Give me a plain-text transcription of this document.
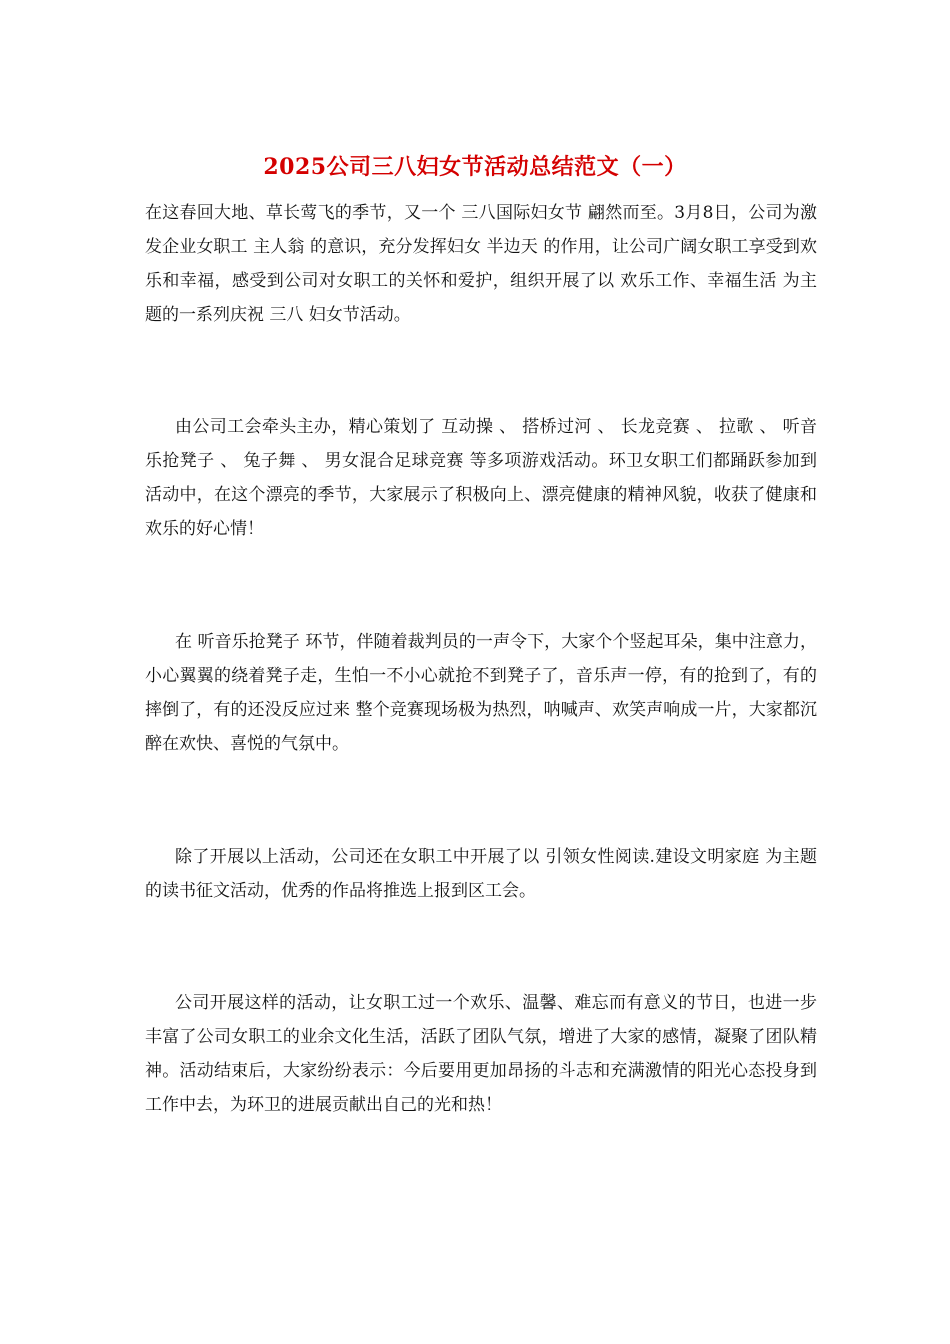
2025公司三八妇女节活动总结范文（一）

在这春回大地、草长莺飞的季节，又一个 三八国际妇女节 翩然而至。3月8日，公司为激发企业女职工 主人翁 的意识，充分发挥妇女 半边天 的作用，让公司广阔女职工享受到欢乐和幸福，感受到公司对女职工的关怀和爱护，组织开展了以 欢乐工作、幸福生活 为主题的一系列庆祝 三八 妇女节活动。

由公司工会牵头主办，精心策划了 互动操 、 搭桥过河 、 长龙竞赛 、 拉歌 、 听音乐抢凳子 、 兔子舞 、 男女混合足球竞赛 等多项游戏活动。环卫女职工们都踊跃参加到活动中，在这个漂亮的季节，大家展示了积极向上、漂亮健康的精神风貌，收获了健康和欢乐的好心情！

在 听音乐抢凳子 环节，伴随着裁判员的一声令下，大家个个竖起耳朵，集中注意力，小心翼翼的绕着凳子走，生怕一不小心就抢不到凳子了，音乐声一停，有的抢到了，有的摔倒了，有的还没反应过来 整个竞赛现场极为热烈，呐喊声、欢笑声响成一片，大家都沉醉在欢快、喜悦的气氛中。

除了开展以上活动，公司还在女职工中开展了以 引领女性阅读.建设文明家庭 为主题的读书征文活动，优秀的作品将推选上报到区工会。

公司开展这样的活动，让女职工过一个欢乐、温馨、难忘而有意义的节日，也进一步丰富了公司女职工的业余文化生活，活跃了团队气氛，增进了大家的感情，凝聚了团队精神。活动结束后，大家纷纷表示：今后要用更加昂扬的斗志和充满激情的阳光心态投身到工作中去，为环卫的进展贡献出自己的光和热！
